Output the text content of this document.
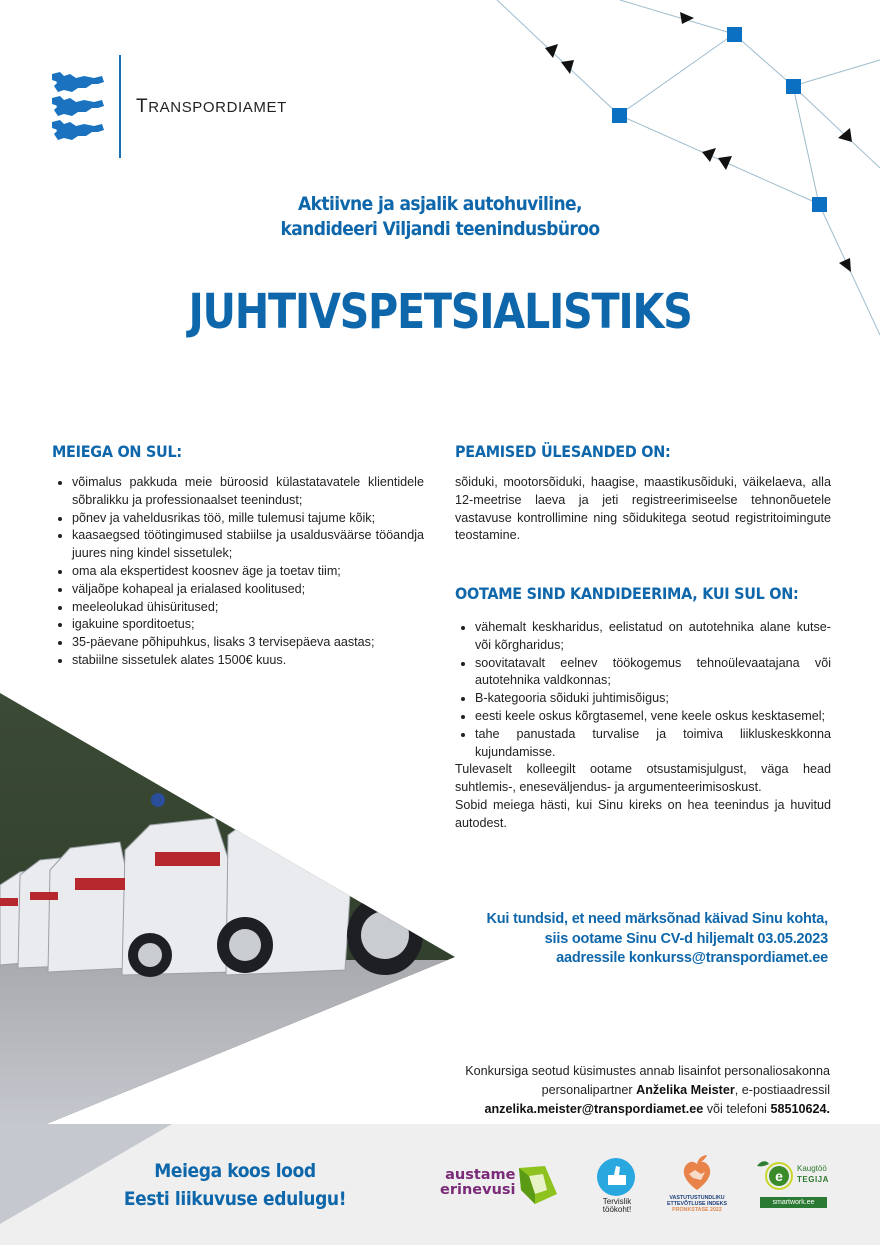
TRANSPORDIAMET
Aktiivne ja asjalik autohuviline,
kandideeri Viljandi teenindusbüroo
JUHTIVSPETSIALISTIKS
MEIEGA ON SUL:
võimalus pakkuda meie büroosid külastatavatele klientidele sõbralikku ja professionaalset teenindust;
põnev ja vaheldusrikas töö, mille tulemusi tajume kõik;
kaasaegsed töötingimused stabiilse ja usaldusväärse tööandja juures ning kindel sissetulek;
oma ala ekspertidest koosnev äge ja toetav tiim;
väljaõpe kohapeal ja erialased koolitused;
meeleolukad ühisüritused;
igakuine sporditoetus;
35-päevane põhipuhkus, lisaks 3 tervisepäeva aastas;
stabiilne sissetulek alates 1500€ kuus.
PEAMISED ÜLESANDED ON:
sõiduki, mootorsõiduki, haagise, maastikusõiduki, väikelaeva, alla 12-meetrise laeva ja jeti registreerimiseelse tehnonõuetele vastavuse kontrollimine ning sõidukitega seotud registritoimingute teostamine.
OOTAME SIND KANDIDEERIMA, KUI SUL ON:
vähemalt keskharidus, eelistatud on autotehnika alane kutse- või kõrgharidus;
soovitatavalt eelnev töökogemus tehnoülevaatajana või autotehnika valdkonnas;
B-kategooria sõiduki juhtimisõigus;
eesti keele oskus kõrgtasemel, vene keele oskus kesktasemel;
tahe panustada turvalise ja toimiva liikluskeskkonna kujundamisse.
Tulevaselt kolleegilt ootame otsustamisjulgust, väga head suhtlemis-, eneseväljendus- ja argumenteerimisoskust.
Sobid meiega hästi, kui Sinu kireks on hea teenindus ja huvitud autodest.
Kui tundsid, et need märksõnad käivad Sinu kohta,
siis ootame Sinu CV-d hiljemalt 03.05.2023
aadressile konkurss@transpordiamet.ee
Konkursiga seotud küsimustes annab lisainfot personaliosakonna
personalipartner Anželika Meister, e-postiaadressil
anzelika.meister@transpordiamet.ee või telefoni 58510624.
Meiega koos lood
Eesti liikuvuse edulugu!
austame
erinevusi
Tervislik
töökoht!
VASTUTUSTUNDLIKU
ETTEVÕTLUSE INDEKS
PRONKSTASE 2022
e Kaugtöö
TEGIJA
smartwork.ee
